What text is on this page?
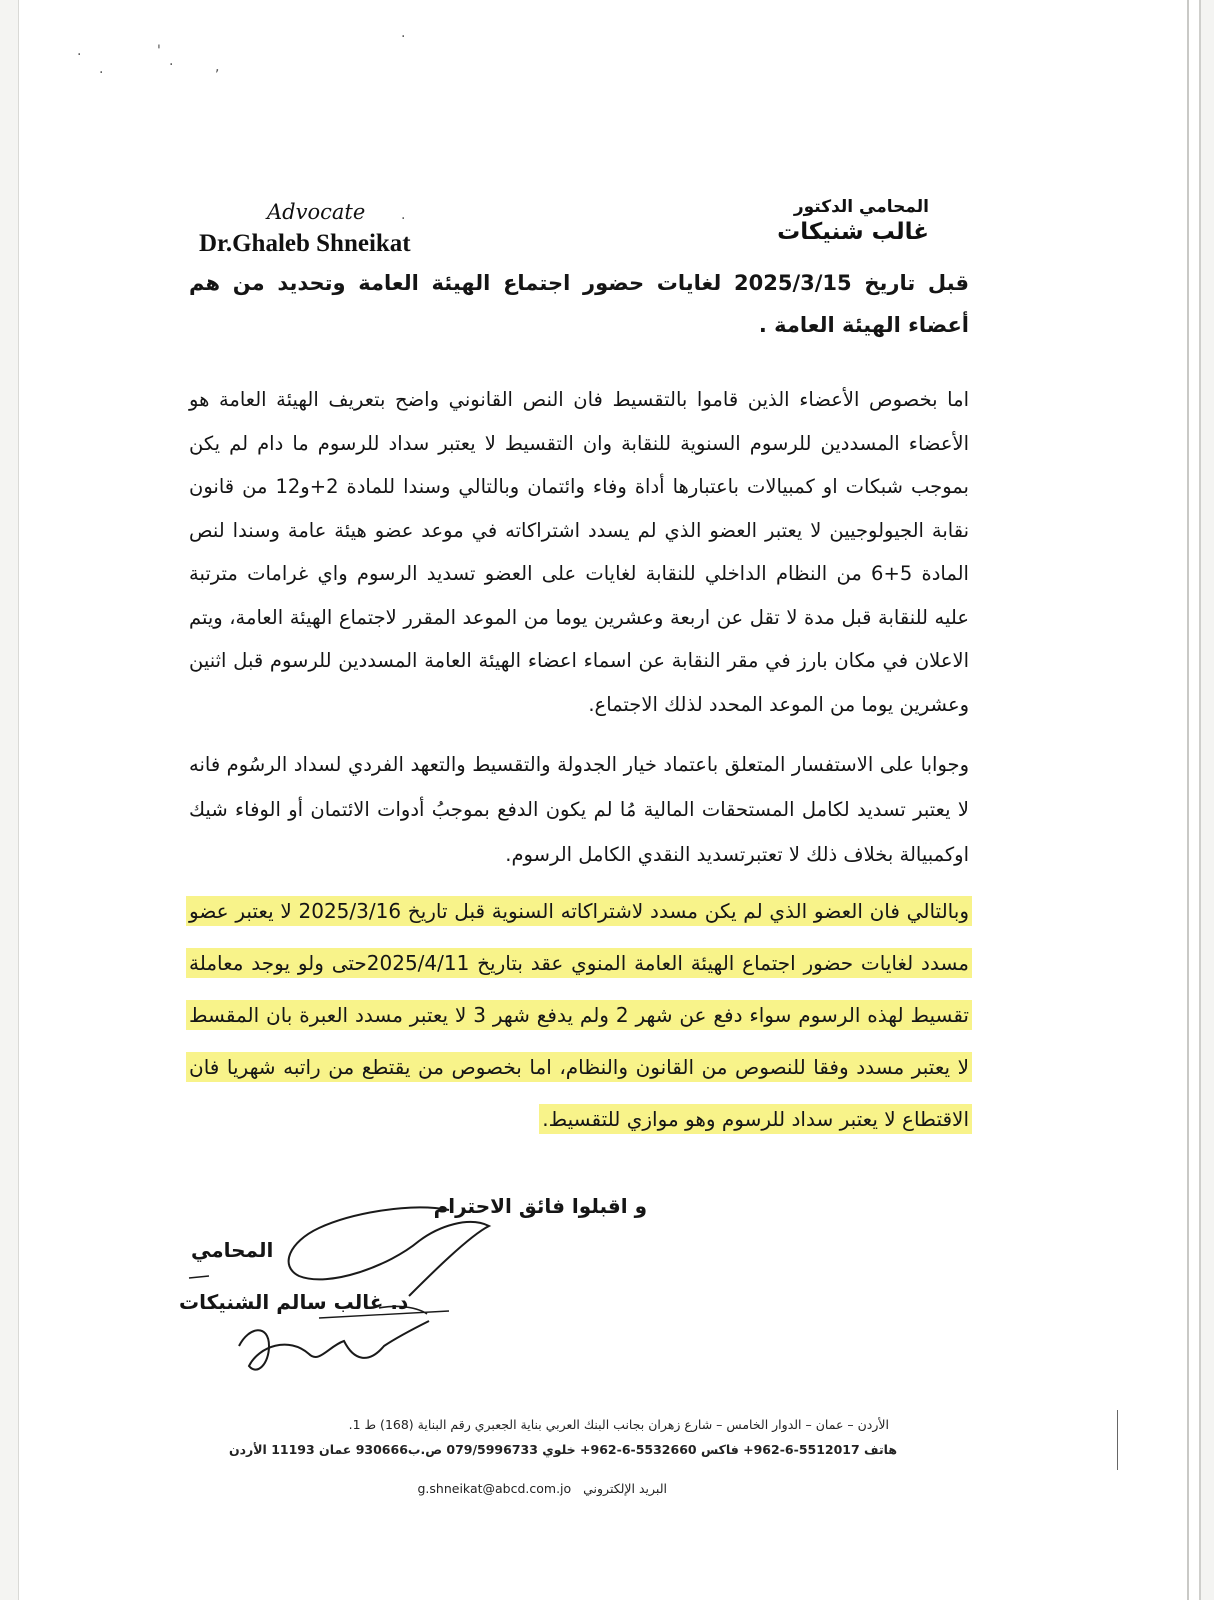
·	'
·	·	,
·
·
Advocate
Dr.Ghaleb Shneikat
المحامي الدكتور
غالب شنيكات
قبل تاريخ 2025/3/15 لغايات حضور اجتماع الهيئة العامة وتحديد من هم أعضاء الهيئة العامة .
اما بخصوص الأعضاء الذين قاموا بالتقسيط فان النص القانوني واضح بتعريف الهيئة العامة هو الأعضاء المسددين للرسوم السنوية للنقابة وان التقسيط لا يعتبر سداد للرسوم ما دام لم يكن بموجب شبكات او كمبيالات باعتبارها أداة وفاء وائتمان وبالتالي وسندا للمادة 2+و12 من قانون نقابة الجيولوجيين لا يعتبر العضو الذي لم يسدد اشتراكاته في موعد عضو هيئة عامة وسندا لنص المادة 5+6 من النظام الداخلي للنقابة لغايات على العضو تسديد الرسوم واي غرامات مترتبة عليه للنقابة قبل مدة لا تقل عن اربعة وعشرين يوما من الموعد المقرر لاجتماع الهيئة العامة، ويتم الاعلان في مكان بارز في مقر النقابة عن اسماء اعضاء الهيئة العامة المسددين للرسوم قبل اثنين وعشرين يوما من الموعد المحدد لذلك الاجتماع.
وجوابا على الاستفسار المتعلق باعتماد خيار الجدولة والتقسيط والتعهد الفردي لسداد الرسُوم فانه لا يعتبر تسديد لكامل المستحقات المالية مُا لم يكون الدفع بموجبُ أدوات الائتمان أو الوفاء شيك اوكمبيالة بخلاف ذلك لا تعتبرتسديد النقدي الكامل الرسوم.
وبالتالي فان العضو الذي لم يكن مسدد لاشتراكاته السنوية قبل تاريخ 2025/3/16 لا يعتبر عضو مسدد لغايات حضور اجتماع الهيئة العامة المنوي عقد بتاريخ 2025/4/11حتى ولو يوجد معاملة تقسيط لهذه الرسوم سواء دفع عن شهر 2 ولم يدفع شهر 3 لا يعتبر مسدد العبرة بان المقسط لا يعتبر مسدد وفقا للنصوص من القانون والنظام، اما بخصوص من يقتطع من راتبه شهريا فان الاقتطاع لا يعتبر سداد للرسوم وهو موازي للتقسيط.
و اقبلوا فائق الاحترام
المحامي
د. غالب سالم الشنيكات
الأردن – عمان – الدوار الخامس – شارع زهران بجانب البنك العربي بناية الجعبري رقم البناية (168) ط 1.
هاتف 5512017-6-962+ فاكس 5532660-6-962+ خلوي 079/5996733 ص.ب930666 عمان 11193 الأردن
البريد الإلكتروني   g.shneikat@abcd.com.jo
